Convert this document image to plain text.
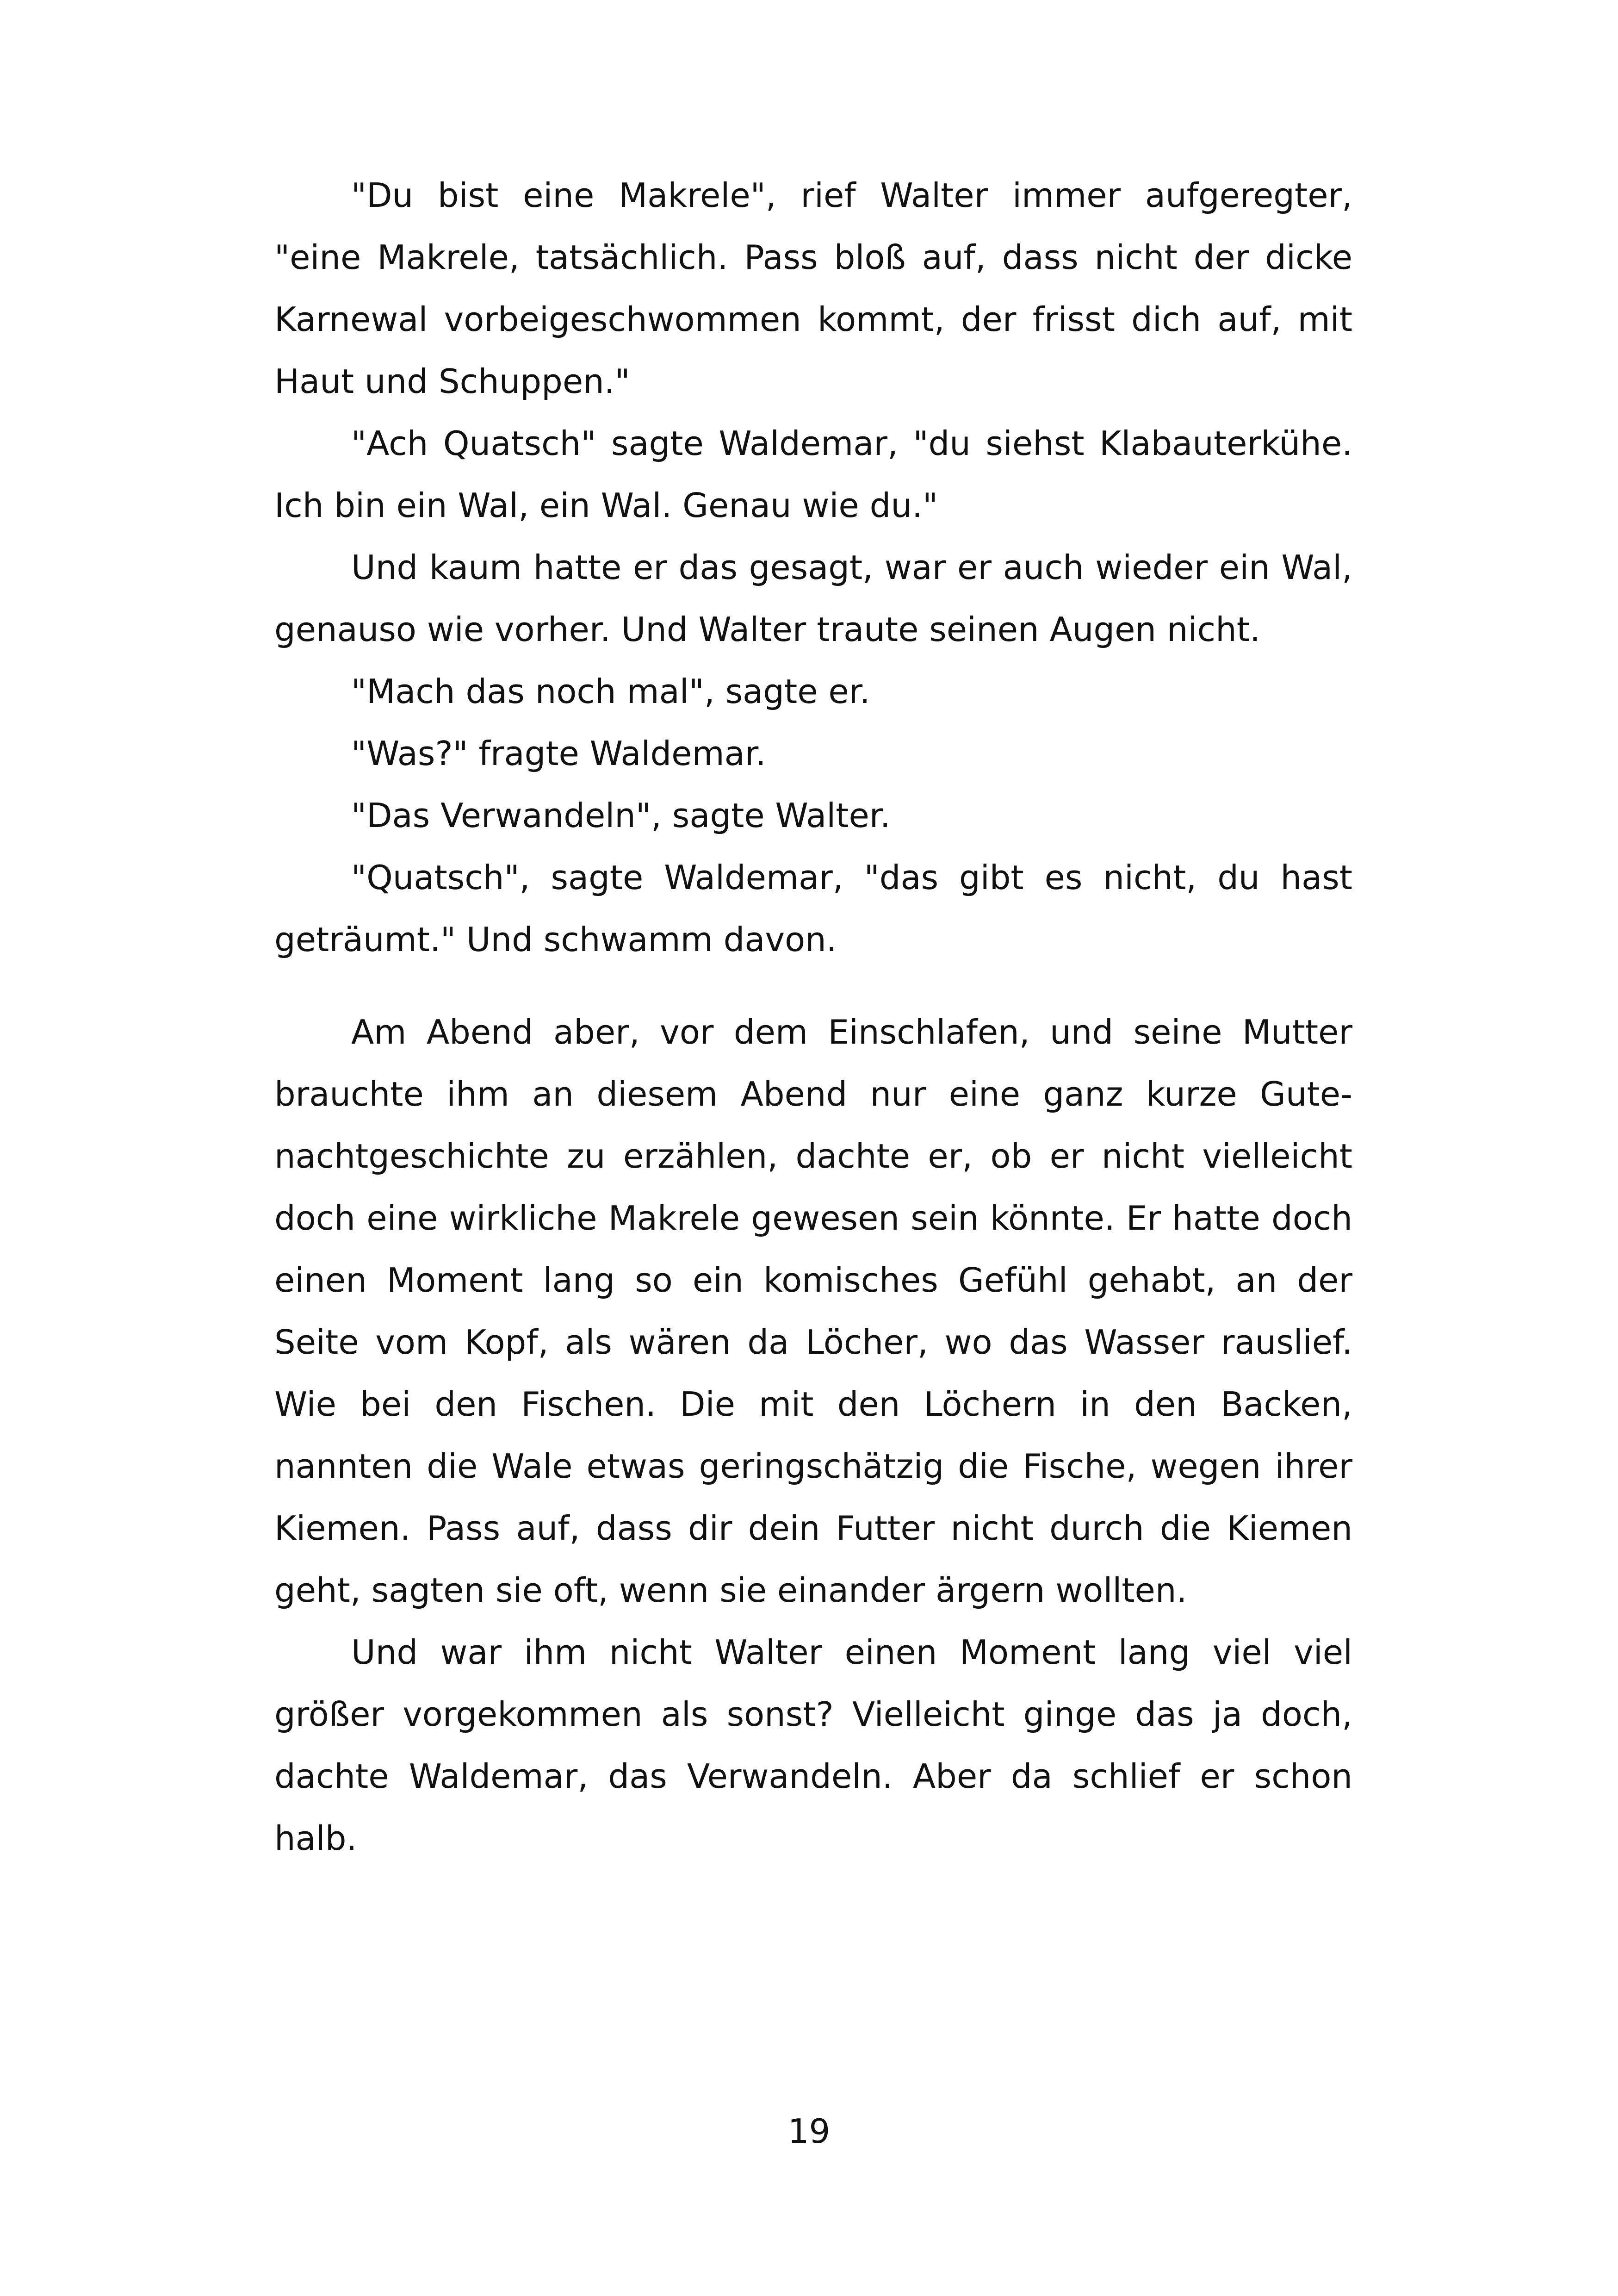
"Du bist eine Makrele", rief Walter immer aufgeregter, "eine Makrele, tatsächlich. Pass bloß auf, dass nicht der dicke Karnewal vorbeigeschwommen kommt, der frisst dich auf, mit Haut und Schuppen."

"Ach Quatsch" sagte Waldemar, "du siehst Klabauterkühe. Ich bin ein Wal, ein Wal. Genau wie du."

Und kaum hatte er das gesagt, war er auch wieder ein Wal, genauso wie vorher. Und Walter traute seinen Augen nicht.

"Mach das noch mal", sagte er.

"Was?" fragte Waldemar.

"Das Verwandeln", sagte Walter.

"Quatsch", sagte Waldemar, "das gibt es nicht, du hast geträumt." Und schwamm davon.

Am Abend aber, vor dem Einschlafen, und seine Mutter brauchte ihm an diesem Abend nur eine ganz kurze Gutenachtgeschichte zu erzählen, dachte er, ob er nicht vielleicht doch eine wirkliche Makrele gewesen sein könnte. Er hatte doch einen Moment lang so ein komisches Gefühl gehabt, an der Seite vom Kopf, als wären da Löcher, wo das Wasser rauslief. Wie bei den Fischen. Die mit den Löchern in den Backen, nannten die Wale etwas geringschätzig die Fische, wegen ihrer Kiemen. Pass auf, dass dir dein Futter nicht durch die Kiemen geht, sagten sie oft, wenn sie einander ärgern wollten.

Und war ihm nicht Walter einen Moment lang viel viel größer vorgekommen als sonst? Vielleicht ginge das ja doch, dachte Waldemar, das Verwandeln. Aber da schlief er schon halb.

19
